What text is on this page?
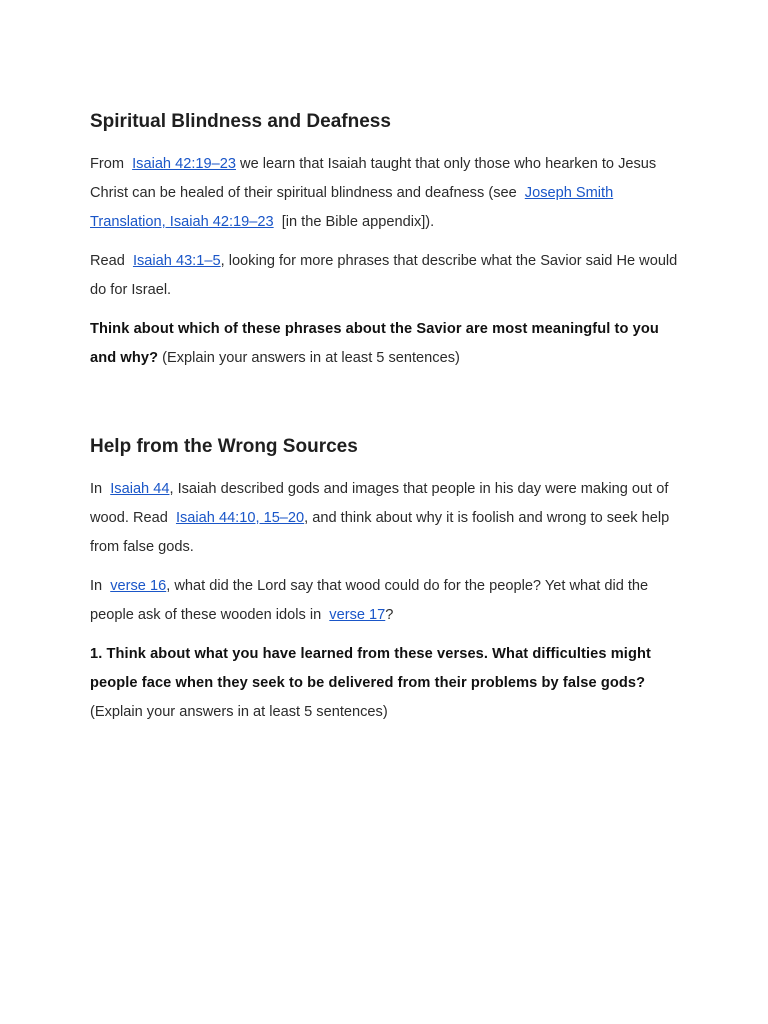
Spiritual Blindness and Deafness

From Isaiah 42:19–23 we learn that Isaiah taught that only those who hearken to Jesus Christ can be healed of their spiritual blindness and deafness (see Joseph Smith Translation, Isaiah 42:19–23 [in the Bible appendix]).

Read Isaiah 43:1–5, looking for more phrases that describe what the Savior said He would do for Israel.

Think about which of these phrases about the Savior are most meaningful to you and why? (Explain your answers in at least 5 sentences)

Help from the Wrong Sources

In Isaiah 44, Isaiah described gods and images that people in his day were making out of wood. Read Isaiah 44:10, 15–20, and think about why it is foolish and wrong to seek help from false gods.

In verse 16, what did the Lord say that wood could do for the people? Yet what did the people ask of these wooden idols in verse 17?

1. Think about what you have learned from these verses. What difficulties might people face when they seek to be delivered from their problems by false gods?
(Explain your answers in at least 5 sentences)
